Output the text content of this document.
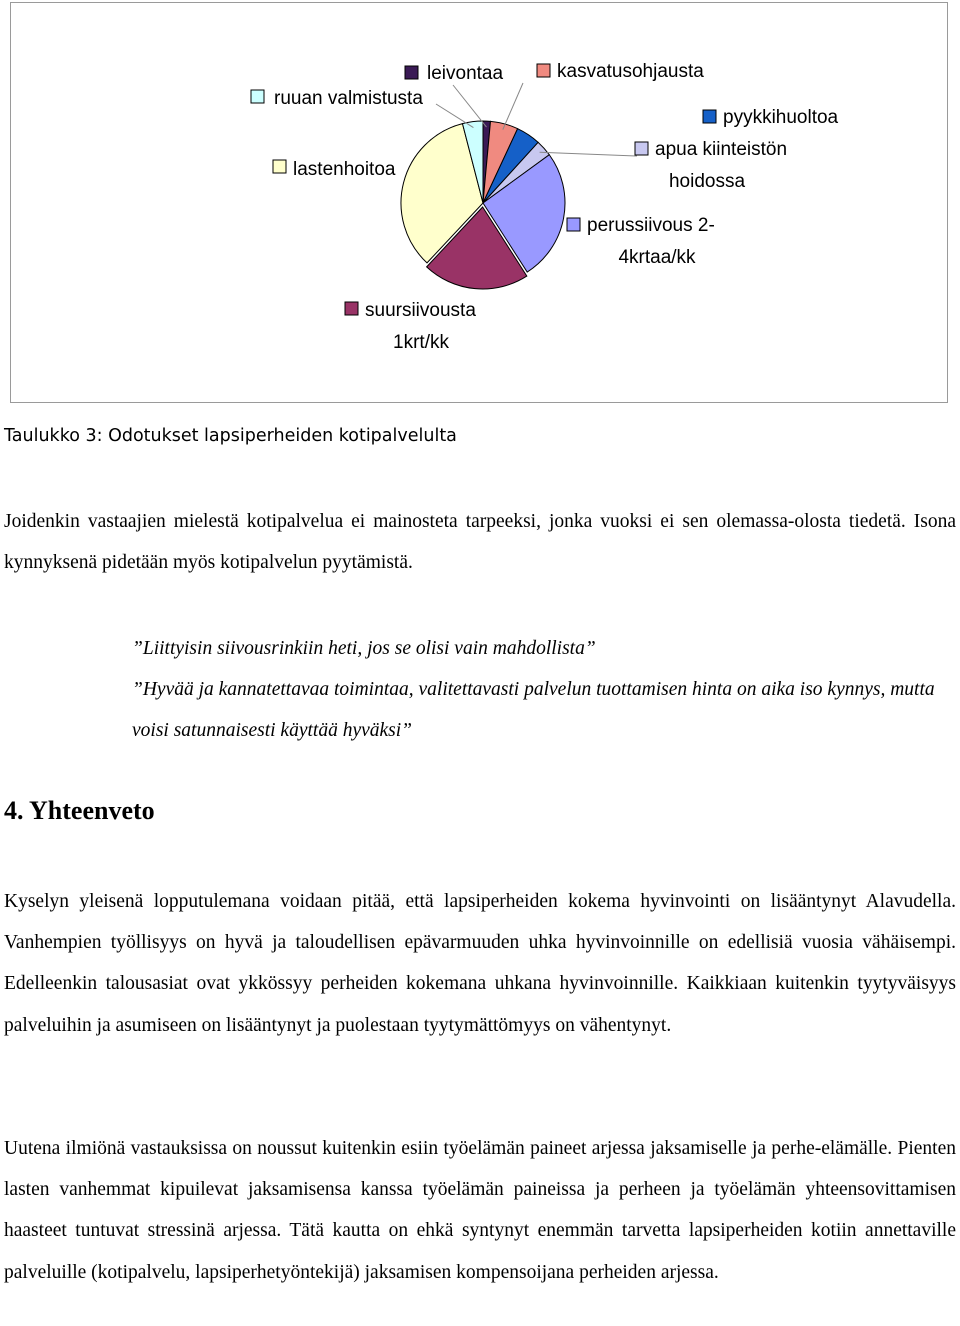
leivontaa	kasvatusohjausta
pyykkihuoltoa
apua kiinteistön
hoidossa
perussiivous 2-
4krtaa/kk
suursiivousta
1krt/kk
lastenhoitoa
ruuan valmistusta
Taulukko 3: Odotukset lapsiperheiden kotipalvelulta

Joidenkin vastaajien mielestä kotipalvelua ei mainosteta tarpeeksi, jonka vuoksi ei sen olemassa-olosta tiedetä. Isona kynnyksenä pidetään myös kotipalvelun pyytämistä.

”Liittyisin siivousrinkiin heti, jos se olisi vain mahdollista”

”Hyvää ja kannatettavaa toimintaa, valitettavasti palvelun tuottamisen hinta on aika iso kynnys, mutta voisi satunnaisesti käyttää hyväksi”

4. Yhteenveto

Kyselyn yleisenä lopputulemana voidaan pitää, että lapsiperheiden kokema hyvinvointi on lisääntynyt Alavudella. Vanhempien työllisyys on hyvä ja taloudellisen epävarmuuden uhka hyvinvoinnille on edellisiä vuosia vähäisempi. Edelleenkin talousasiat ovat ykkössyy perheiden kokemana uhkana hyvinvoinnille. Kaikkiaan kuitenkin tyytyväisyys palveluihin ja asumiseen on lisääntynyt ja puolestaan tyytymättömyys on vähentynyt.

Uutena ilmiönä vastauksissa on noussut kuitenkin esiin työelämän paineet arjessa jaksamiselle ja perhe-elämälle. Pienten lasten vanhemmat kipuilevat jaksamisensa kanssa työelämän paineissa ja perheen ja työelämän yhteensovittamisen haasteet tuntuvat stressinä arjessa. Tätä kautta on ehkä syntynyt enemmän tarvetta lapsiperheiden kotiin annettaville palveluille (kotipalvelu, lapsiperhetyöntekijä) jaksamisen kompensoijana perheiden arjessa.
